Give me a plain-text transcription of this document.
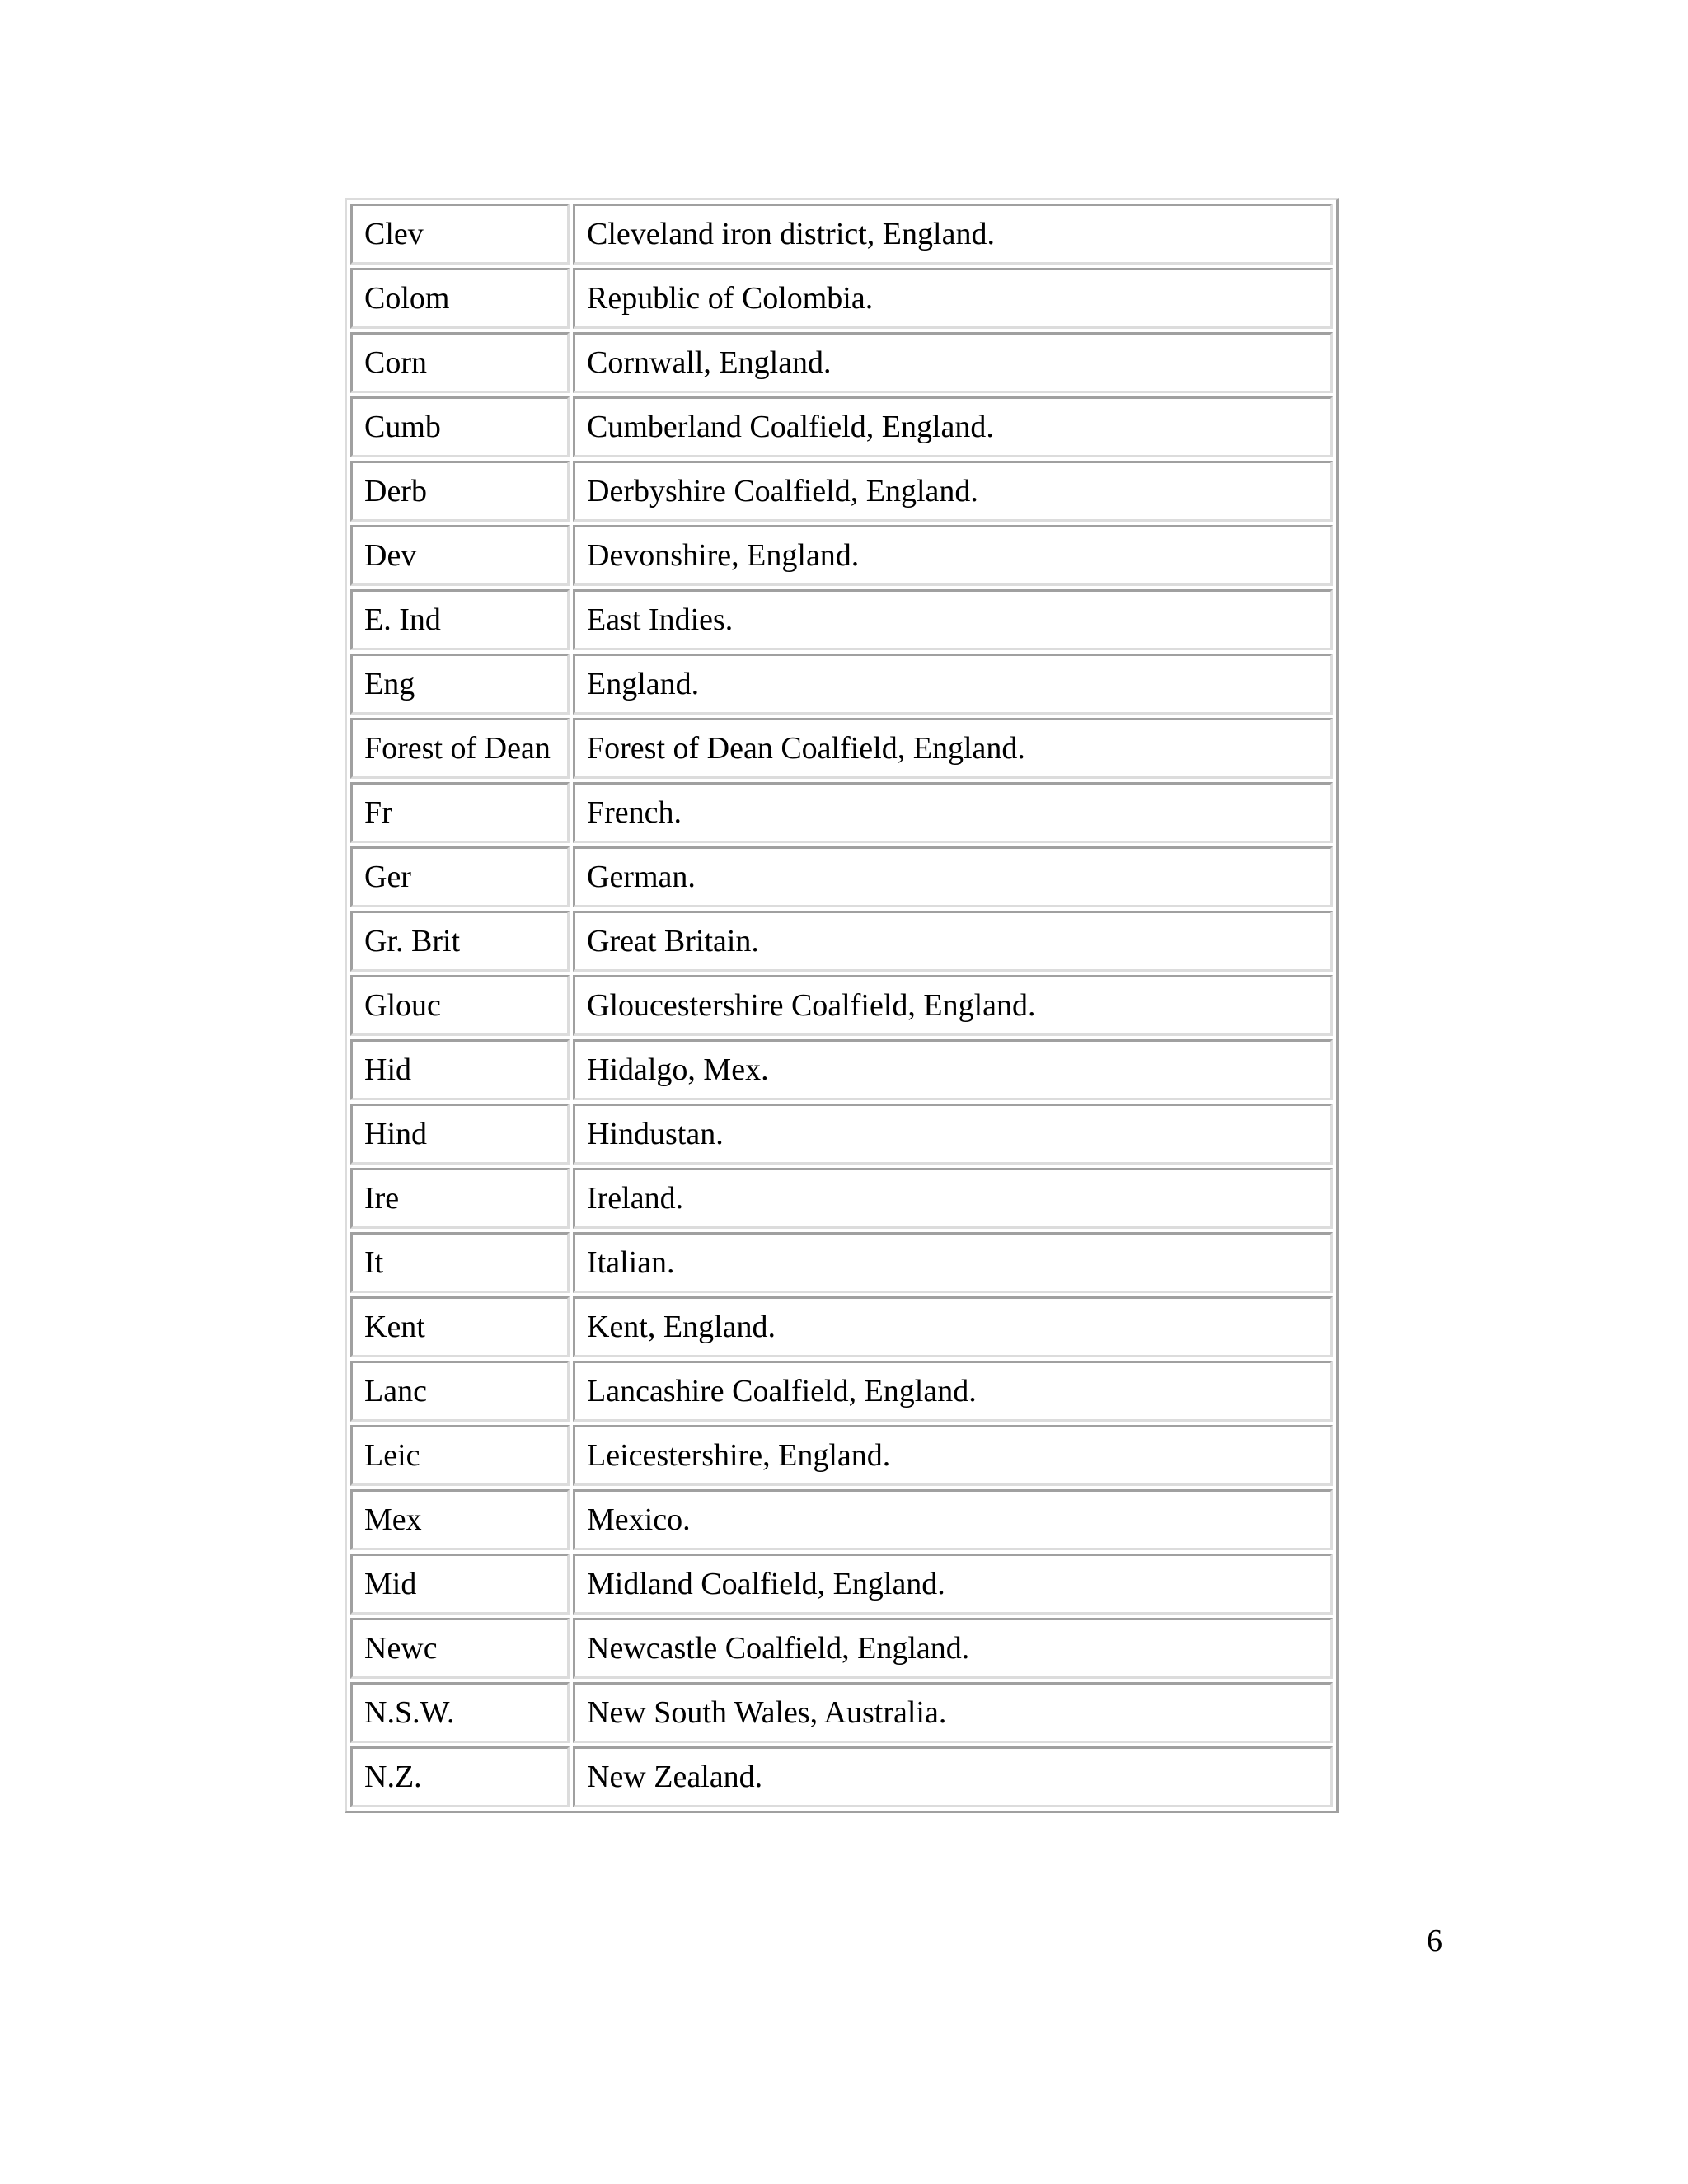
Clev	Cleveland iron district, England.
Colom	Republic of Colombia.
Corn	Cornwall, England.
Cumb	Cumberland Coalfield, England.
Derb	Derbyshire Coalfield, England.
Dev	Devonshire, England.
E. Ind	East Indies.
Eng	England.
Forest of Dean	Forest of Dean Coalfield, England.
Fr	French.
Ger	German.
Gr. Brit	Great Britain.
Glouc	Gloucestershire Coalfield, England.
Hid	Hidalgo, Mex.
Hind	Hindustan.
Ire	Ireland.
It	Italian.
Kent	Kent, England.
Lanc	Lancashire Coalfield, England.
Leic	Leicestershire, England.
Mex	Mexico.
Mid	Midland Coalfield, England.
Newc	Newcastle Coalfield, England.
N.S.W.	New South Wales, Australia.
N.Z.	New Zealand.
6
